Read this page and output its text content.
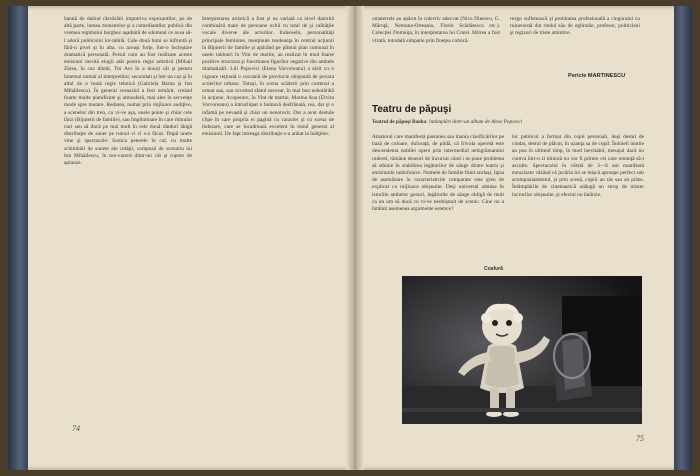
barată de dubiul răsvărătii impotriva expozantilor, pe de altă parte, lumea monstrelor şi a comediantilor publică din vremea regimului burghez aşaduită de sdomnul ce avea să-l adoră publicului lor-tabilă. Cale două lumi se înfruntă şi fără-n pivel şi în alta, cu aceaşi forţe, într-o încleştare dramatică personală. Peisul cum au fost realizate aceste emisiuni merită elogii atât pentru regia artistică (Mihail Zărea, în cea dintâi, Titi Acs în a doua) cât şi pentru înnemul număr al interpretilor, secondati şi într-un caz şi în altul de o bună regie tehnică (Gabriela Barna şi Ion Mihăilescu). În general scenariul a fost urmărit, creând foarte multe planificate şi atmosferă, mai ales în secvenţe mode spre mutare. Redarea, numai prin mijloace audiţive, a scenelor din tren, cu vi-ve aşa, unele ponte şi chiar cele lărzi (Bijuterii de familie), sau împlinitoare în care ritmului curi sau să ducă pe mai mult în cele două rânduri lângă distribuţie de sunet pe ruloul vi ci s-a făcut. După unele vine şi spectacole: Sonica peterele în cal, cu multe schimbări de sunete ale cetăţii, compusă de scenariu lui Ion Mihăilescu, în ton-varerd dintr-un cât şi ropote de aplauze.
Interpretarea artistică a fost şi ea variată ca nivel datorită combinării mare de persoane ochii cu total de şi calităţile vocale diverse ale actorilor. Indeosebi, personalităţi principale feminine, menţinute tendeanţa în centrul acţiunii în Bijuterii de familie şi apărând pe plimul plan comunal în unele tablouri în Vint de martie, au realizat în mod foarte pozitive structura şi functiunea figurilor negative din ambele dramatizări. Lili Popovici (Elena Vorvoreanu) a sărit cu o vigoare reţinută o cucoană de provincie obişnuită de povara scrierilor urbane. Totuşi, în scena scăderii prin cortenul a urmat sau, sau ocrotind sfatul necesar, în mai bun nehotărâtă în acţiune, Acoperare, în Vint de martie, Marina Ana (Elvira Vorvoreanu) a întruchipat o bolnavă desfrânată, rea, dar şi o infamă pe nevastă şi chiar un nenorocit. Dar a avut destule clipe în care propria ei pagină cu caracter şi cu scena de îndurare, care se încadrează excelent în tonul general al emisiunii. De fapt intreaga distribuţie s-a arătat la înălţime.
74
omatetrele au apărut în colectiv adecvat (Nicu Dinescu, G. Măruţă, Nemuna-Orteaniu, Florin Scărlătescu etc.). Colecţiei Domniţa, în interpretarea lui Const. Mitrea a fost vizată, totodată simpatie prin fineţea comică.
rezgo sufletească şi probitatea profesională a cinguralul cu ruinenostă din rindul său de oglinzile, profesor, politicieni şi regizori de triste amintire.
Pericle MARTINESCU
Teatru de păpuşi
Teatrul de păpuşi Baoba: întâmplări dintr-un album de Alexe Popovici
Amatorul care manifestă pasiunea sau mania clasificărilor pe bază de culoare, dulceaţă, de pildă, că frivola operetă este descendenta nobilei opere prin intermediul neîngrămatului ruderel, rămâne deseori de încurcat când i se pune problema să stăruie în stabilirea legăturilor de sânge dintre teatru şi emisiunile radiofonice. Numele de familie fiind același, lipsa de asemănare în caracteristicile comparate este greu de explicat cu mijloace obişnuite. Deşi universal admise în istoriile ambelor genuri, legăturile de sânge obligă de mult ca un om să ducă cu vi-ve neobişnuit de scenic. Cine nu a întâlnit asemenea argumente estetice?
lor publicul a format din copii personali, deşi destul de ciudat, destul de plăcut, în uzanţa sa de copil. Îndoieli inutile au pus în ultimul timp, în mod inevitabil, mesajul dacă nu cumva într-o zi minoră nu vor fi printre cei care renunţă să-i asculte. Spectacolul în vârstă de 3—6 ani manifestă entuziasm văzând că jucăria lui se mişcă aproape perfect sub acompaniamentul, și prin scenă, copiii au râs sau au plâns. Întâmplările de cinemastică adăugă un strop de mister lucrurilor obişnuite, şi efectul nu întârzie.
Coafură
75
